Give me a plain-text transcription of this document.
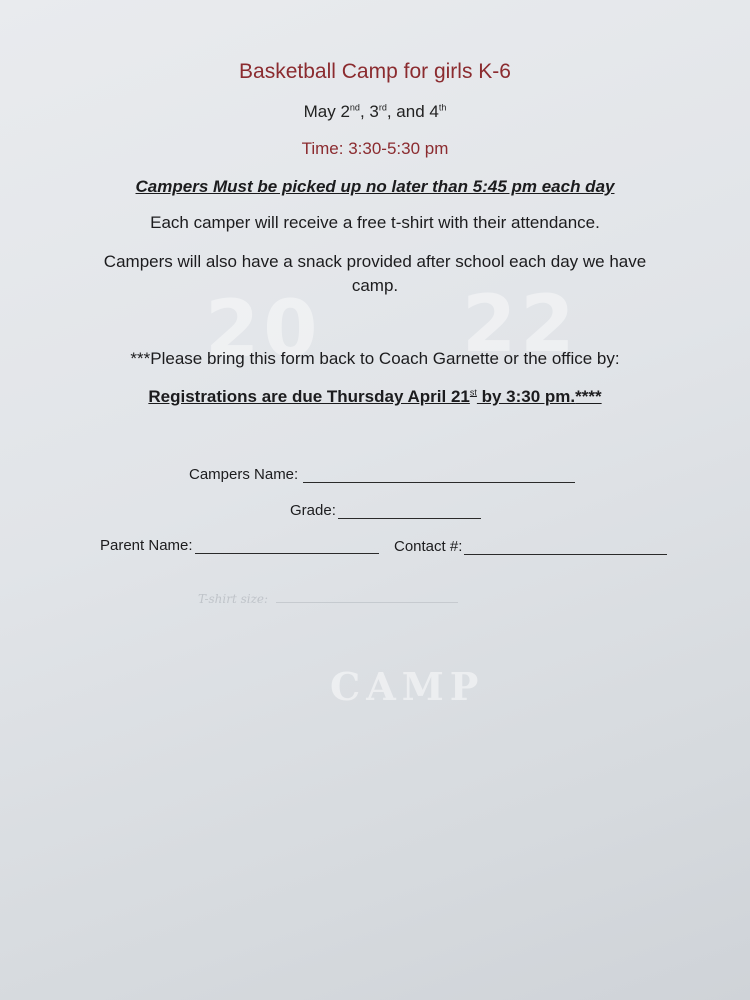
20 22
CAMP
Basketball Camp for girls K-6
May 2nd, 3rd, and 4th
Time: 3:30-5:30 pm
Campers Must be picked up no later than 5:45 pm each day
Each camper will receive a free t-shirt with their attendance.
Campers will also have a snack provided after school each day we have
camp.
***Please bring this form back to Coach Garnette or the office by:
Registrations are due Thursday April 21st by 3:30 pm.****
Campers Name:
Grade:
Parent Name:	Contact #:
T-shirt size:
